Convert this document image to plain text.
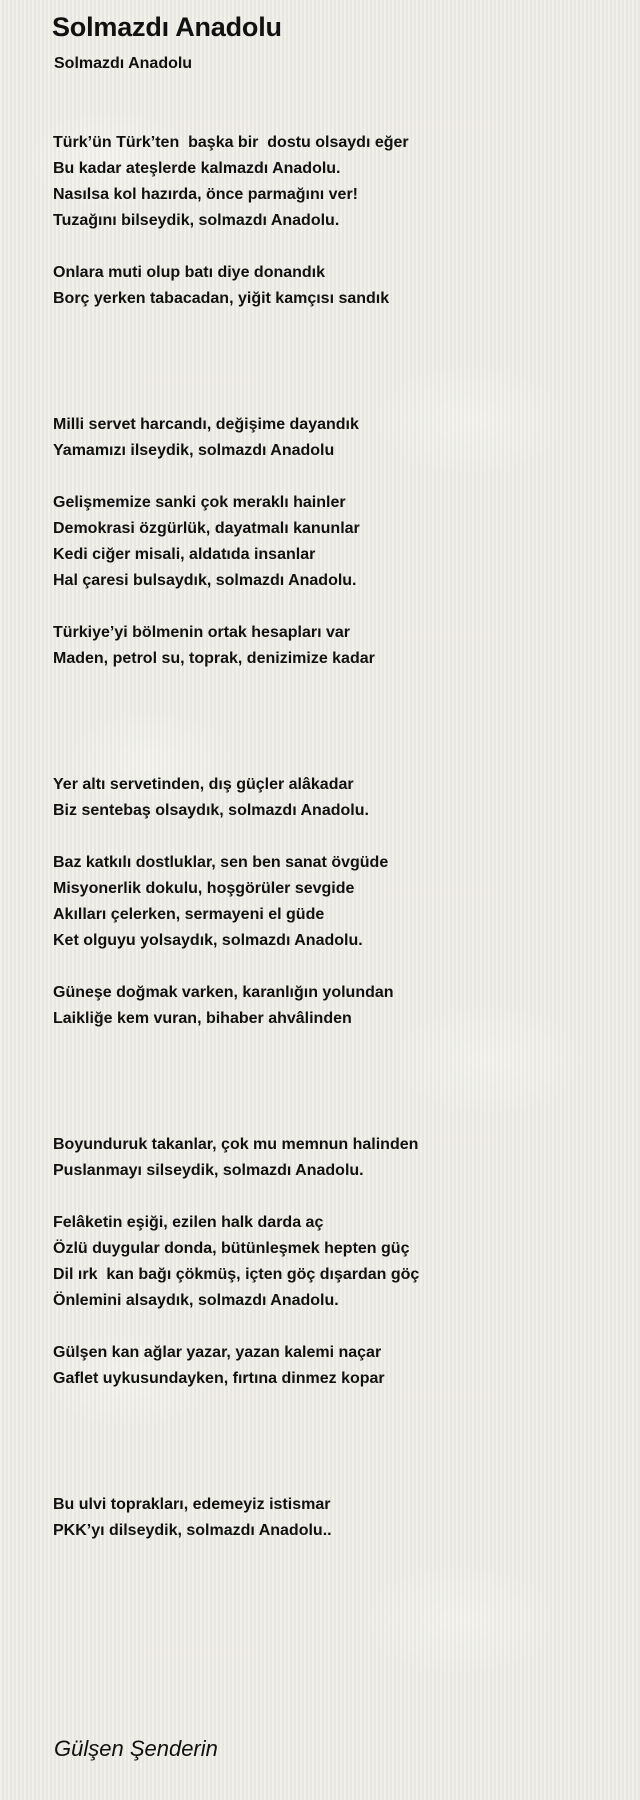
Solmazdı Anadolu
Solmazdı Anadolu
Türk’ün Türk’ten  başka bir  dostu olsaydı eğer
Bu kadar ateşlerde kalmazdı Anadolu.
Nasılsa kol hazırda, önce parmağını ver!
Tuzağını bilseydik, solmazdı Anadolu.
Onlara muti olup batı diye donandık
Borç yerken tabacadan, yiğit kamçısı sandık
Milli servet harcandı, değişime dayandık
Yamamızı ilseydik, solmazdı Anadolu
Gelişmemize sanki çok meraklı hainler
Demokrasi özgürlük, dayatmalı kanunlar
Kedi ciğer misali, aldatıda insanlar
Hal çaresi bulsaydık, solmazdı Anadolu.
Türkiye’yi bölmenin ortak hesapları var
Maden, petrol su, toprak, denizimize kadar
Yer altı servetinden, dış güçler alâkadar
Biz sentebaş olsaydık, solmazdı Anadolu.
Baz katkılı dostluklar, sen ben sanat övgüde
Misyonerlik dokulu, hoşgörüler sevgide
Akılları çelerken, sermayeni el güde
Ket olguyu yolsaydık, solmazdı Anadolu.
Güneşe doğmak varken, karanlığın yolundan
Laikliğe kem vuran, bihaber ahvâlinden
Boyunduruk takanlar, çok mu memnun halinden
Puslanmayı silseydik, solmazdı Anadolu.
Felâketin eşiği, ezilen halk darda aç
Özlü duygular donda, bütünleşmek hepten güç
Dil ırk  kan bağı çökmüş, içten göç dışardan göç
Önlemini alsaydık, solmazdı Anadolu.
Gülşen kan ağlar yazar, yazan kalemi naçar
Gaflet uykusundayken, fırtına dinmez kopar
Bu ulvi toprakları, edemeyiz istismar
PKK’yı dilseydik, solmazdı Anadolu..
Gülşen Şenderin
